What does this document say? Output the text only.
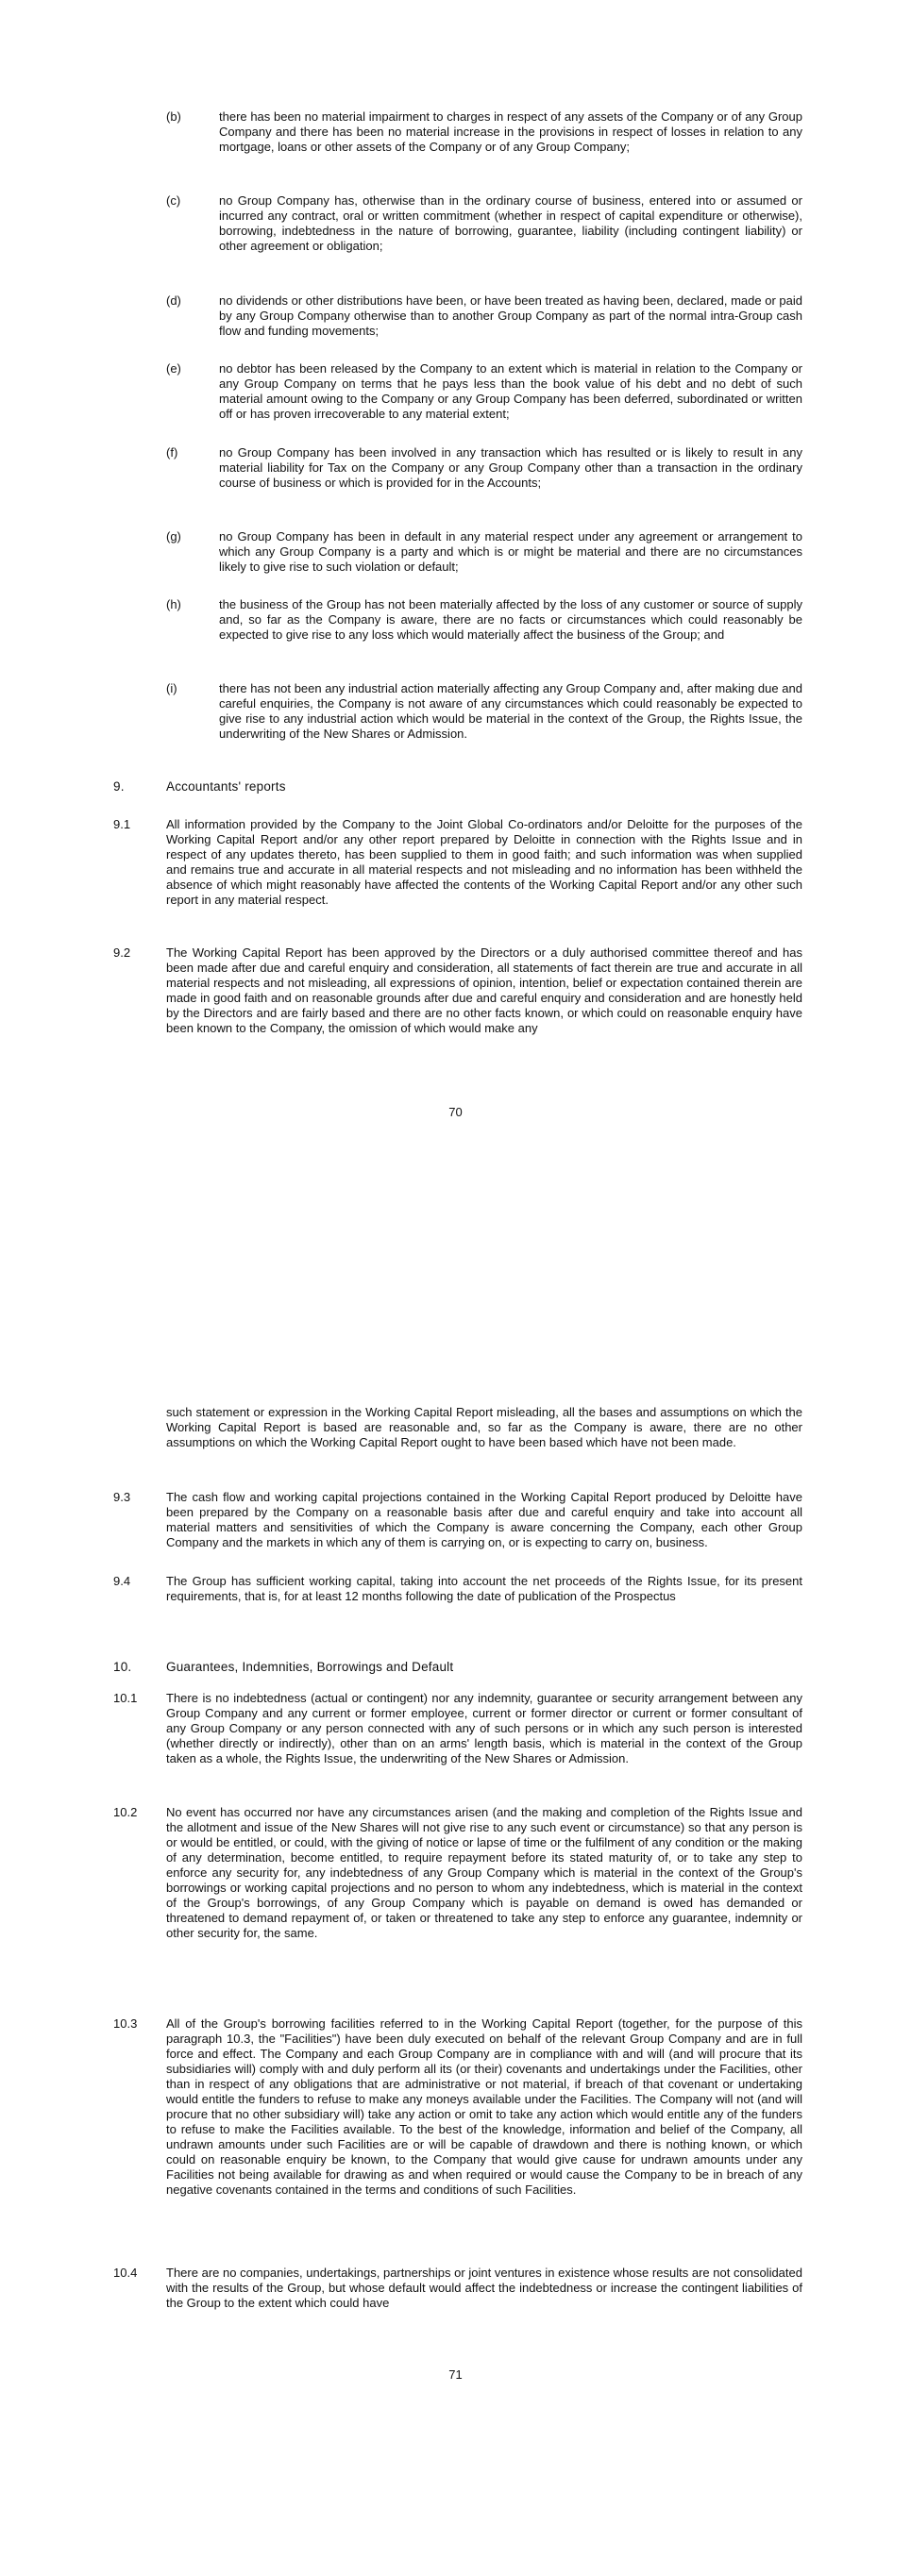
(b)	there has been no material impairment to charges in respect of any assets of the Company or of any Group Company and there has been no material increase in the provisions in respect of losses in relation to any mortgage, loans or other assets of the Company or of any Group Company;
(c)	no Group Company has, otherwise than in the ordinary course of business, entered into or assumed or incurred any contract, oral or written commitment (whether in respect of capital expenditure or otherwise), borrowing, indebtedness in the nature of borrowing, guarantee, liability (including contingent liability) or other agreement or obligation;
(d)	no dividends or other distributions have been, or have been treated as having been, declared, made or paid by any Group Company otherwise than to another Group Company as part of the normal intra-Group cash flow and funding movements;
(e)	no debtor has been released by the Company to an extent which is material in relation to the Company or any Group Company on terms that he pays less than the book value of his debt and no debt of such material amount owing to the Company or any Group Company has been deferred, subordinated or written off or has proven irrecoverable to any material extent;
(f)	no Group Company has been involved in any transaction which has resulted or is likely to result in any material liability for Tax on the Company or any Group Company other than a transaction in the ordinary course of business or which is provided for in the Accounts;
(g)	no Group Company has been in default in any material respect under any agreement or arrangement to which any Group Company is a party and which is or might be material and there are no circumstances likely to give rise to such violation or default;
(h)	the business of the Group has not been materially affected by the loss of any customer or source of supply and, so far as the Company is aware, there are no facts or circumstances which could reasonably be expected to give rise to any loss which would materially affect the business of the Group; and
(i)	there has not been any industrial action materially affecting any Group Company and, after making due and careful enquiries, the Company is not aware of any circumstances which could reasonably be expected to give rise to any industrial action which would be material in the context of the Group, the Rights Issue, the underwriting of the New Shares or Admission.
9.	Accountants' reports
9.1	All information provided by the Company to the Joint Global Co-ordinators and/or Deloitte for the purposes of the Working Capital Report and/or any other report prepared by Deloitte in connection with the Rights Issue and in respect of any updates thereto, has been supplied to them in good faith; and such information was when supplied and remains true and accurate in all material respects and not misleading and no information has been withheld the absence of which might reasonably have affected the contents of the Working Capital Report and/or any other such report in any material respect.
9.2	The Working Capital Report has been approved by the Directors or a duly authorised committee thereof and has been made after due and careful enquiry and consideration, all statements of fact therein are true and accurate in all material respects and not misleading, all expressions of opinion, intention, belief or expectation contained therein are made in good faith and on reasonable grounds after due and careful enquiry and consideration and are honestly held by the Directors and are fairly based and there are no other facts known, or which could on reasonable enquiry have been known to the Company, the omission of which would make any
70
such statement or expression in the Working Capital Report misleading, all the bases and assumptions on which the Working Capital Report is based are reasonable and, so far as the Company is aware, there are no other assumptions on which the Working Capital Report ought to have been based which have not been made.
9.3	The cash flow and working capital projections contained in the Working Capital Report produced by Deloitte have been prepared by the Company on a reasonable basis after due and careful enquiry and take into account all material matters and sensitivities of which the Company is aware concerning the Company, each other Group Company and the markets in which any of them is carrying on, or is expecting to carry on, business.
9.4	The Group has sufficient working capital, taking into account the net proceeds of the Rights Issue, for its present requirements, that is, for at least 12 months following the date of publication of the Prospectus
10.	Guarantees, Indemnities, Borrowings and Default
10.1 There is no indebtedness (actual or contingent) nor any indemnity, guarantee or security arrangement between any Group Company and any current or former employee, current or former director or current or former consultant of any Group Company or any person connected with any of such persons or in which any such person is interested (whether directly or indirectly), other than on an arms' length basis, which is material in the context of the Group taken as a whole, the Rights Issue, the underwriting of the New Shares or Admission.
10.2 No event has occurred nor have any circumstances arisen (and the making and completion of the Rights Issue and the allotment and issue of the New Shares will not give rise to any such event or circumstance) so that any person is or would be entitled, or could, with the giving of notice or lapse of time or the fulfilment of any condition or the making of any determination, become entitled, to require repayment before its stated maturity of, or to take any step to enforce any security for, any indebtedness of any Group Company which is material in the context of the Group's borrowings or working capital projections and no person to whom any indebtedness, which is material in the context of the Group's borrowings, of any Group Company which is payable on demand is owed has demanded or threatened to demand repayment of, or taken or threatened to take any step to enforce any guarantee, indemnity or other security for, the same.
10.3 All of the Group's borrowing facilities referred to in the Working Capital Report (together, for the purpose of this paragraph 10.3, the "Facilities") have been duly executed on behalf of the relevant Group Company and are in full force and effect. The Company and each Group Company are in compliance with and will (and will procure that its subsidiaries will) comply with and duly perform all its (or their) covenants and undertakings under the Facilities, other than in respect of any obligations that are administrative or not material, if breach of that covenant or undertaking would entitle the funders to refuse to make any moneys available under the Facilities. The Company will not (and will procure that no other subsidiary will) take any action or omit to take any action which would entitle any of the funders to refuse to make the Facilities available. To the best of the knowledge, information and belief of the Company, all undrawn amounts under such Facilities are or will be capable of drawdown and there is nothing known, or which could on reasonable enquiry be known, to the Company that would give cause for undrawn amounts under any Facilities not being available for drawing as and when required or would cause the Company to be in breach of any negative covenants contained in the terms and conditions of such Facilities.
10.4 There are no companies, undertakings, partnerships or joint ventures in existence whose results are not consolidated with the results of the Group, but whose default would affect the indebtedness or increase the contingent liabilities of the Group to the extent which could have
71
